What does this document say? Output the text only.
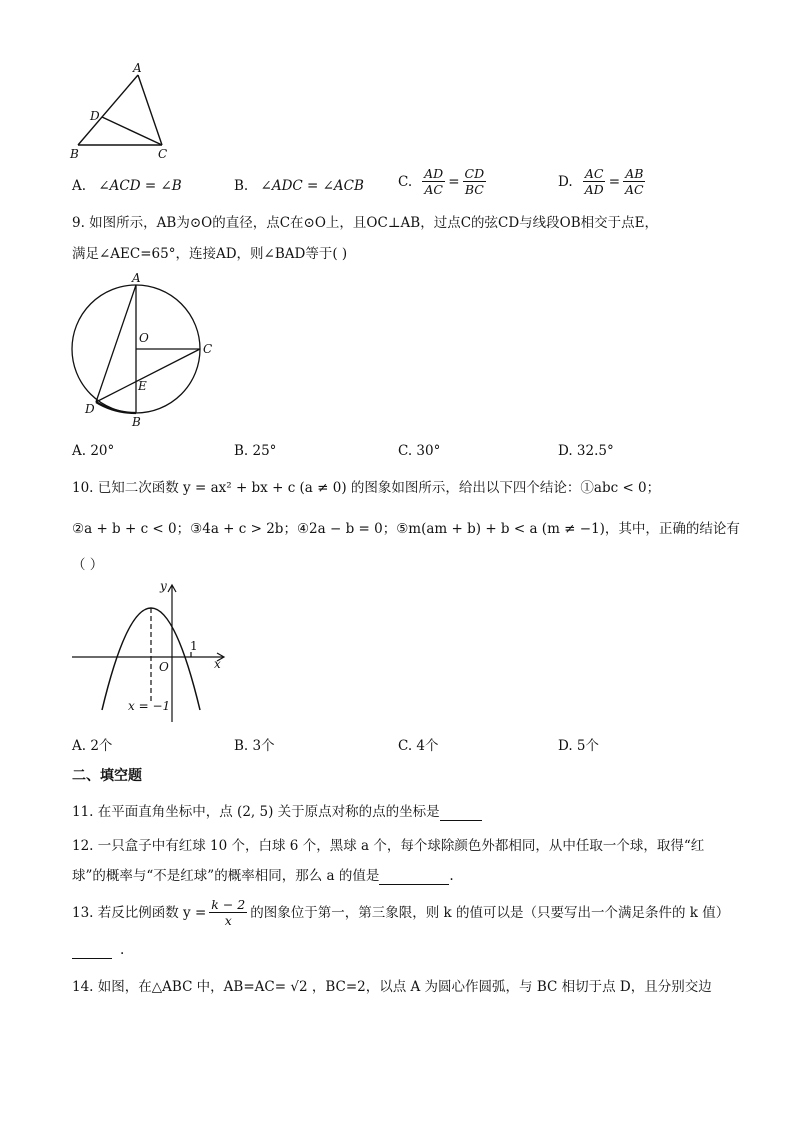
A
D
B	C
A. ∠ACD = ∠B	B. ∠ADC = ∠ACB	C. $\frac{AD}{AC} = \frac{CD}{BC}$	D. $\frac{AC}{AD} = \frac{AB}{AC}$
9. 如图所示，AB为⊙O的直径，点C在⊙O上，且OC⊥AB，过点C的弦CD与线段OB相交于点E，
满足∠AEC=65°，连接AD，则∠BAD等于( )
A
O
C
E
D
B
A. 20°	B. 25°	C. 30°	D. 32.5°
10. 已知二次函数 y = ax² + bx + c (a ≠ 0) 的图象如图所示，给出以下四个结论：①abc < 0；
②a + b + c < 0；③4a + c > 2b；④2a − b = 0；⑤m(am + b) + b < a (m ≠ −1)，其中，正确的结论有
（ ）
y
x
O
1
x = −1
A. 2个	B. 3个	C. 4个	D. 5个
二、填空题
11. 在平面直角坐标中，点 (2, 5) 关于原点对称的点的坐标是
12. 一只盒子中有红球 10 个，白球 6 个，黑球 a 个，每个球除颜色外都相同，从中任取一个球，取得“红
球”的概率与“不是红球”的概率相同，那么 a 的值是	.
13. 若反比例函数 $y = \frac{k - 2}{x}$ 的图象位于第一，第三象限，则 k 的值可以是（只要写出一个满足条件的 k 值）
.
14. 如图，在△ABC 中，AB=AC= √2 ，BC=2，以点 A 为圆心作圆弧，与 BC 相切于点 D，且分别交边
